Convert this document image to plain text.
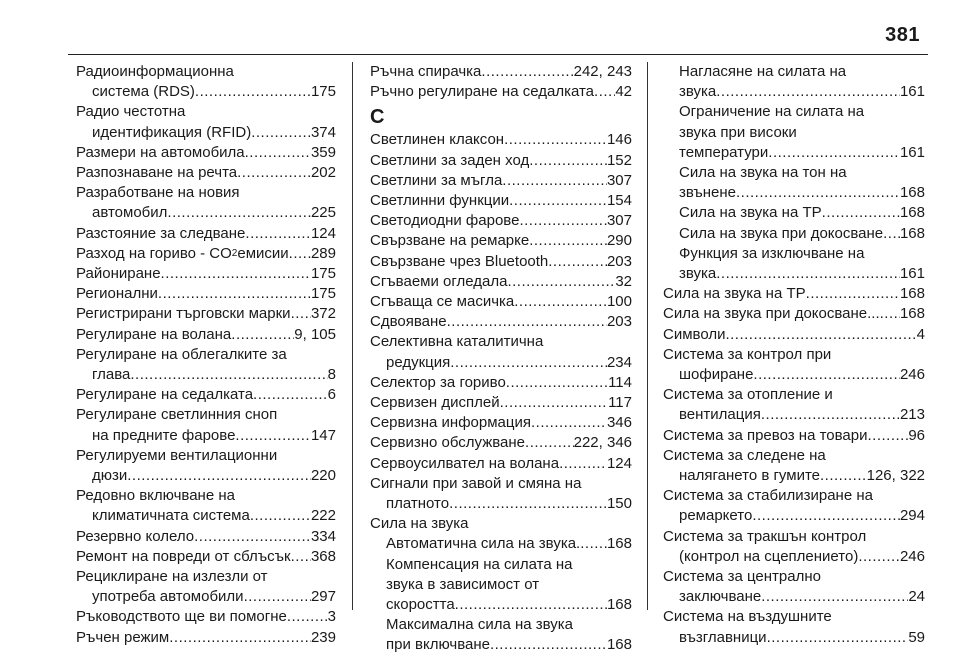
381
Радиоинформационна
система (RDS) .....	175
Радио честотна
идентификация (RFID) .....	374
Размери на автомобила .....	359
Разпознаване на речта .....	202
Разработване на новия
автомобил .....	225
Разстояние за следване .....	124
Разход на гориво - CO 2 емисии ..... 289
Райониране .....	175
Регионални .....	175
Регистрирани търговски марки ..... 372
Регулиране на волана .....	9, 105
Регулиране на облегалките за
глава .....	8
Регулиране на седалката .....	6
Регулиране светлинния сноп
на предните фарове .....	147
Регулируеми вентилационни
дюзи .....	220
Редовно включване на
климатичната система .....	222
Резервно колело .....	334
Ремонт на повреди от сблъсък ..... 368
Рециклиране на излезли от
употреба автомобили .....	297
Ръководството ще ви помогне .....	3
Ръчен режим .....	239
Ръчна спирачка .....	242, 243
Ръчно регулиране на седалката ..... 42
С
Светлинен клаксон .....	146
Светлини за заден ход .....	152
Светлини за мъгла .....	307
Светлинни функции .....	154
Светодиодни фарове .....	307
Свързване на ремарке .....	290
Свързване чрез Bluetooth .....	203
Сгъваеми огледала .....	32
Сгъваща се масичка .....	100
Сдвояване .....	203
Селективна каталитична
редукция .....	234
Селектор за гориво .....	114
Сервизен дисплей .....	117
Сервизна информация .....	346
Сервизно обслужване .....	222, 346
Сервоусилвател на волана .....	124
Сигнали при завой и смяна на
платното .....	150
Сила на звука
Автоматична сила на звука. ..... 168
Компенсация на силата на
звука в зависимост от
скоростта .....	168
Максимална сила на звука
при включване .....	168
Нагласяне на силата на
звука .....	161
Ограничение на силата на
звука при високи
температури .....	161
Сила на звука на тон на
звънене .....	168
Сила на звука на TP .....	168
Сила на звука при докосване ..... 168
Функция за изключване на
звука .....	161
Сила на звука на TP .....	168
Сила на звука при докосване... ..... 168
Символи .....	4
Система за контрол при
шофиране .....	246
Система за отопление и
вентилация .....	213
Система за превоз на товари .....	96
Система за следене на
налягането в гумите .....	126, 322
Система за стабилизиране на
ремаркето .....	294
Система за тракшън контрол
(контрол на сцеплението) .....	246
Система за централно
заключване .....	24
Система на въздушните
възглавници .....	59
